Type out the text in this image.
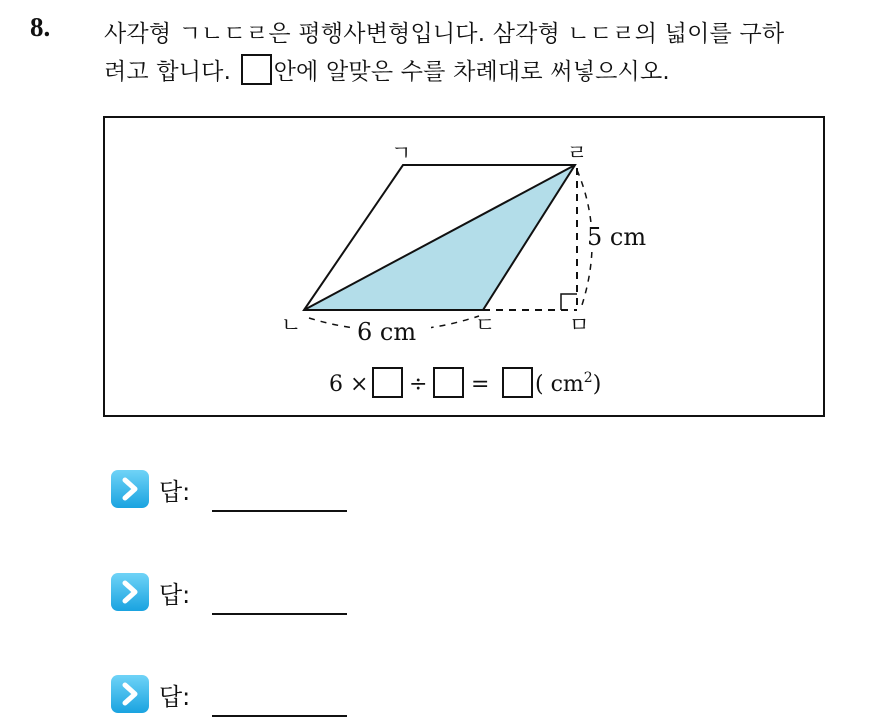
8. 사각형 ㄱㄴㄷㄹ은 평행사변형입니다. 삼각형 ㄴㄷㄹ의 넓이를 구하
려고 합니다. 안에 알맞은 수를 차례대로 써넣으시오.
ㄱ	ㄹ
ㄴ	ㄷ	ㅁ
6 cm
5 cm
6 × ÷ = ( $cm^2$)
답:
답:
답:
